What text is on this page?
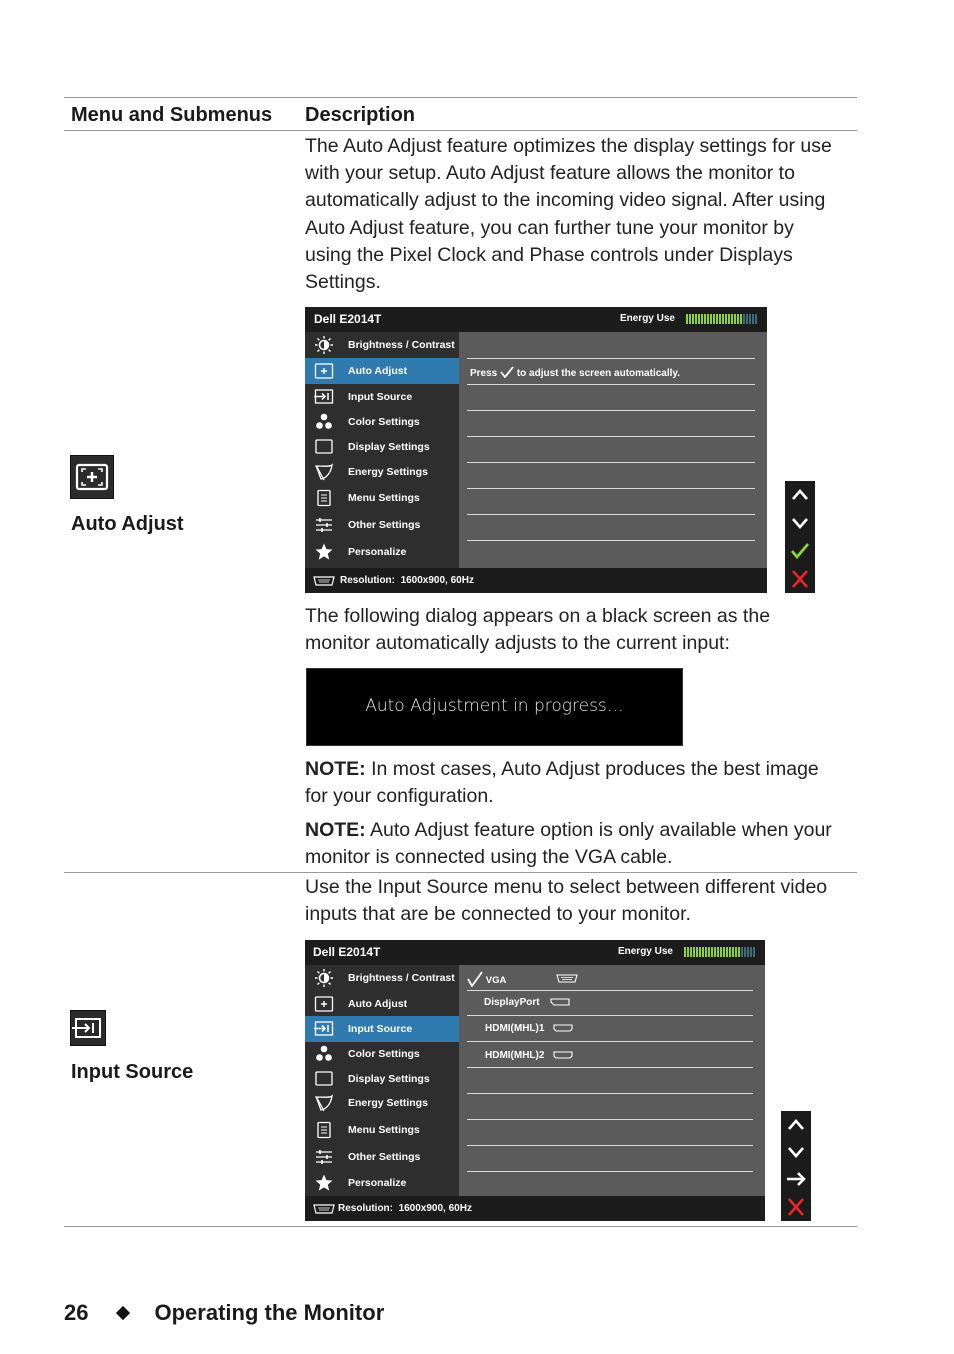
Menu and Submenus Description
Auto Adjust

The Auto Adjust feature optimizes the display settings for use with your setup. Auto Adjust feature allows the monitor to automatically adjust to the incoming video signal. After using Auto Adjust feature, you can further tune your monitor by using the Pixel Clock and Phase controls under Displays Settings.

Dell E2014T	Energy Use
Brightness / Contrast
Auto Adjust
Input Source
Color Settings
Display Settings
Energy Settings
Menu Settings
Other Settings
Personalize
Press to adjust the screen automatically.
Resolution: 1600x900, 60Hz

The following dialog appears on a black screen as the monitor automatically adjusts to the current input:

Auto Adjustment in progress…

NOTE: In most cases, Auto Adjust produces the best image for your configuration.

NOTE: Auto Adjust feature option is only available when your monitor is connected using the VGA cable.

Input Source

Use the Input Source menu to select between different video inputs that are be connected to your monitor.

Dell E2014T	Energy Use
Brightness / Contrast
Auto Adjust
Input Source
Color Settings
Display Settings
Energy Settings
Menu Settings
Other Settings
Personalize
VGA
DisplayPort
HDMI(MHL)1
HDMI(MHL)2
Resolution: 1600x900, 60Hz
26	Operating the Monitor
